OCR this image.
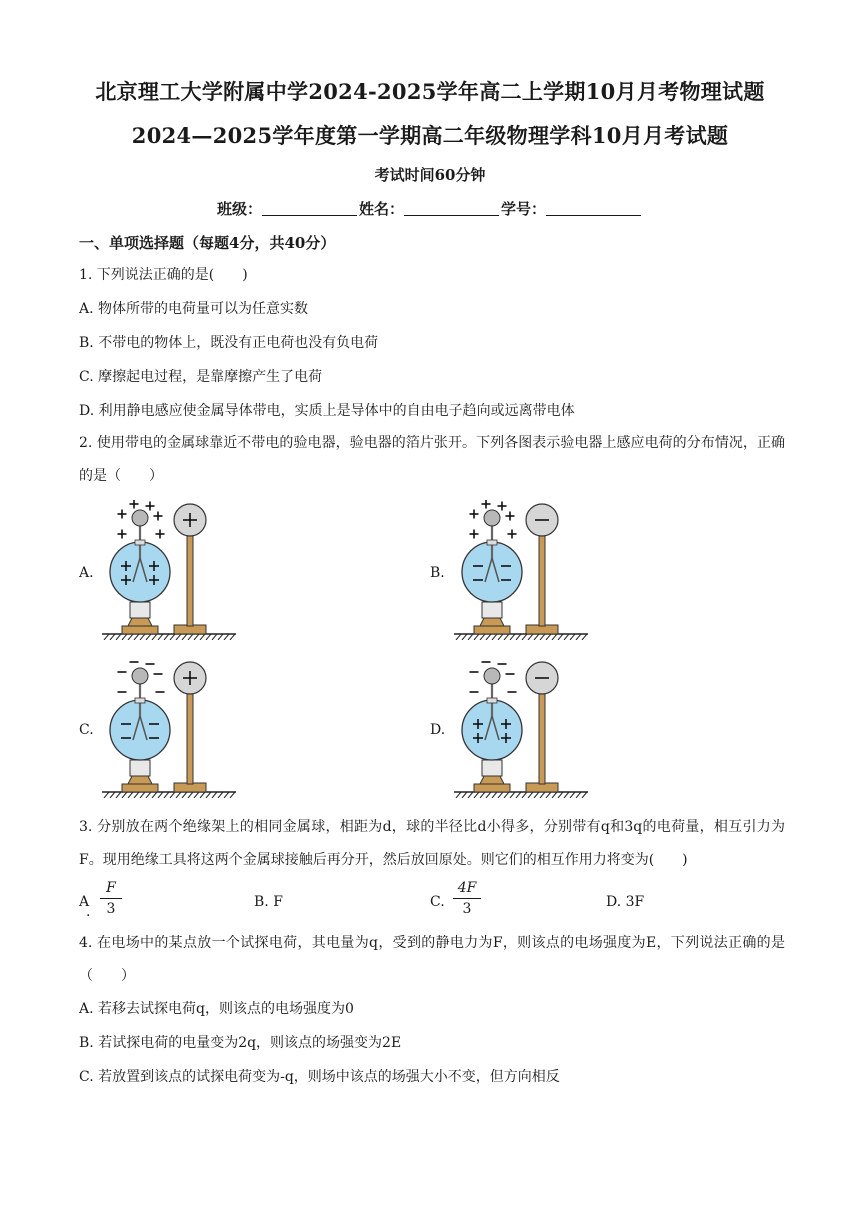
北京理工大学附属中学2024-2025学年高二上学期10月月考物理试题
2024—2025学年度第一学期高二年级物理学科10月月考试题
考试时间60分钟
班级：	姓名：	学号：
一、单项选择题（每题4分，共40分）
1. 下列说法正确的是(　　)
A. 物体所带的电荷量可以为任意实数
B. 不带电的物体上，既没有正电荷也没有负电荷
C. 摩擦起电过程，是靠摩擦产生了电荷
D. 利用静电感应使金属导体带电，实质上是导体中的自由电子趋向或远离带电体
2. 使用带电的金属球靠近不带电的验电器，验电器的箔片张开。下列各图表示验电器上感应电荷的分布情况，正确的是（　　）
A.	B.
C.	D.
3. 分别放在两个绝缘架上的相同金属球，相距为d，球的半径比d小得多，分别带有q和3q的电荷量，相互引力为F。现用绝缘工具将这两个金属球接触后再分开，然后放回原处。则它们的相互作用力将变为(　　)
A
. $\frac{F}{3}$	B. F	C. $\frac{4F}{3}$	D. 3F
4. 在电场中的某点放一个试探电荷，其电量为q，受到的静电力为F，则该点的电场强度为E，下列说法正确的是（　　）
A. 若移去试探电荷q，则该点的电场强度为0
B. 若试探电荷的电量变为2q，则该点的场强变为2E
C. 若放置到该点的试探电荷变为-q，则场中该点的场强大小不变，但方向相反
